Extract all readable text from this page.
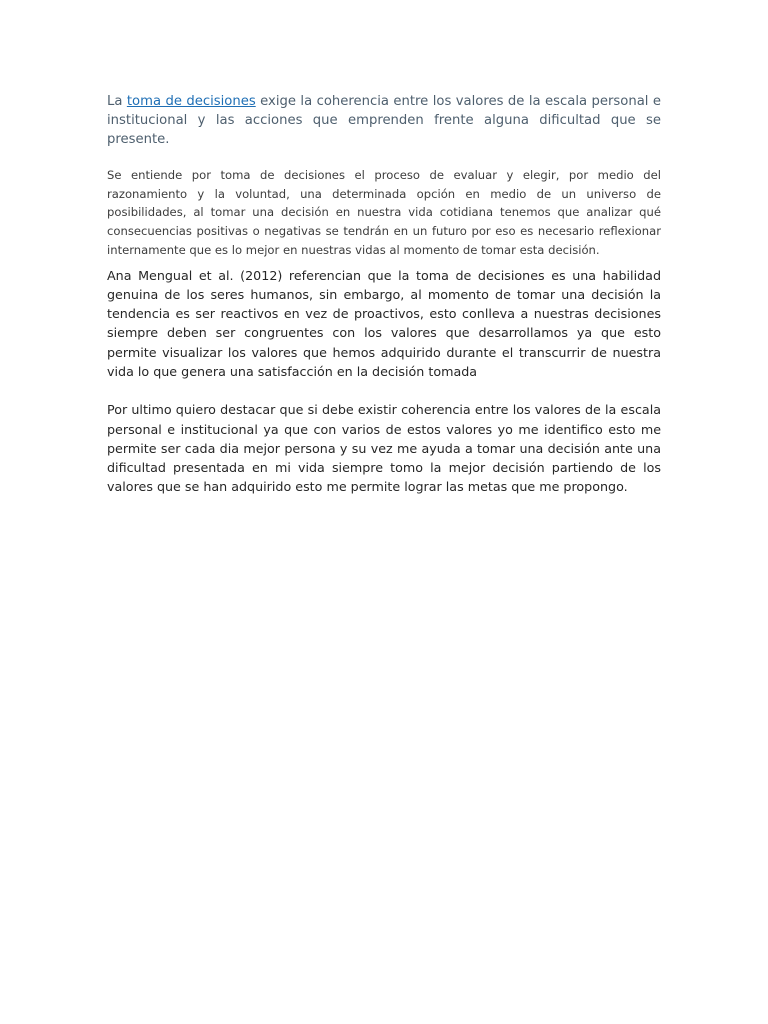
La toma de decisiones exige la coherencia entre los valores de la escala personal e institucional y las acciones que emprenden frente alguna dificultad que se presente.

Se entiende por toma de decisiones el proceso de evaluar y elegir, por medio del razonamiento y la voluntad, una determinada opción en medio de un universo de posibilidades, al tomar una decisión en nuestra vida cotidiana tenemos que analizar qué consecuencias positivas o negativas se tendrán en un futuro por eso es necesario reflexionar internamente que es lo mejor en nuestras vidas al momento de tomar esta decisión.

Ana Mengual et al. (2012) referencian que la toma de decisiones es una habilidad genuina de los seres humanos, sin embargo, al momento de tomar una decisión la tendencia es ser reactivos en vez de proactivos, esto conlleva a nuestras decisiones siempre deben ser congruentes con los valores que desarrollamos ya que esto permite visualizar los valores que hemos adquirido durante el transcurrir de nuestra vida lo que genera una satisfacción en la decisión tomada

Por ultimo quiero destacar que si debe existir coherencia entre los valores de la escala personal e institucional ya que con varios de estos valores yo me identifico esto me permite ser cada dia mejor persona y su vez me ayuda a tomar una decisión ante una dificultad presentada en mi vida siempre tomo la mejor decisión partiendo de los valores que se han adquirido esto me permite lograr las metas que me propongo.
